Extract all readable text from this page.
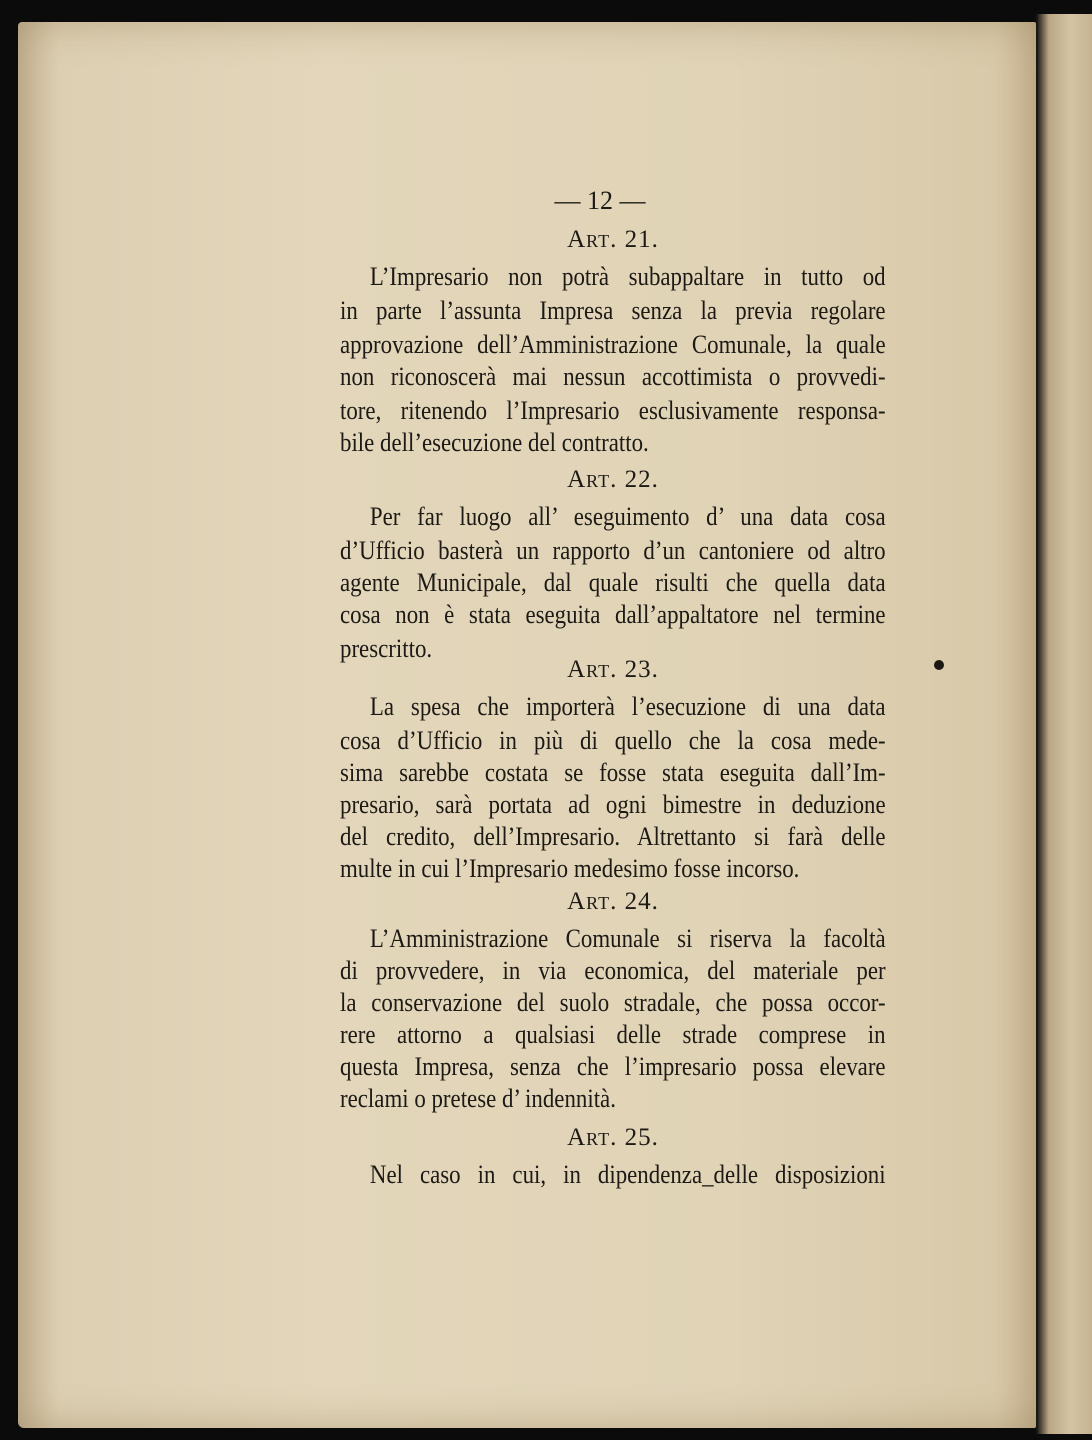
— 12 —
Art. 21.
L’Impresario non potrà subappaltare in tutto od
in parte l’assunta Impresa senza la previa regolare
approvazione dell’Amministrazione Comunale, la quale
non riconoscerà mai nessun accottimista o provvedi-
tore, ritenendo l’Impresario esclusivamente responsa-
bile dell’esecuzione del contratto.
Art. 22.
Per far luogo all’ eseguimento d’ una data cosa
d’Ufficio basterà un rapporto d’un cantoniere od altro
agente Municipale, dal quale risulti che quella data
cosa non è stata eseguita dall’appaltatore nel termine
prescritto.
Art. 23.
La spesa che importerà l’esecuzione di una data
cosa d’Ufficio in più di quello che la cosa mede-
sima sarebbe costata se fosse stata eseguita dall’Im-
presario, sarà portata ad ogni bimestre in deduzione
del credito, dell’Impresario. Altrettanto si farà delle
multe in cui l’Impresario medesimo fosse incorso.
Art. 24.
L’Amministrazione Comunale si riserva la facoltà
di provvedere, in via economica, del materiale per
la conservazione del suolo stradale, che possa occor-
rere attorno a qualsiasi delle strade comprese in
questa Impresa, senza che l’impresario possa elevare
reclami o pretese d’ indennità.
Art. 25.
Nel caso in cui, in dipendenza_delle disposizioni
